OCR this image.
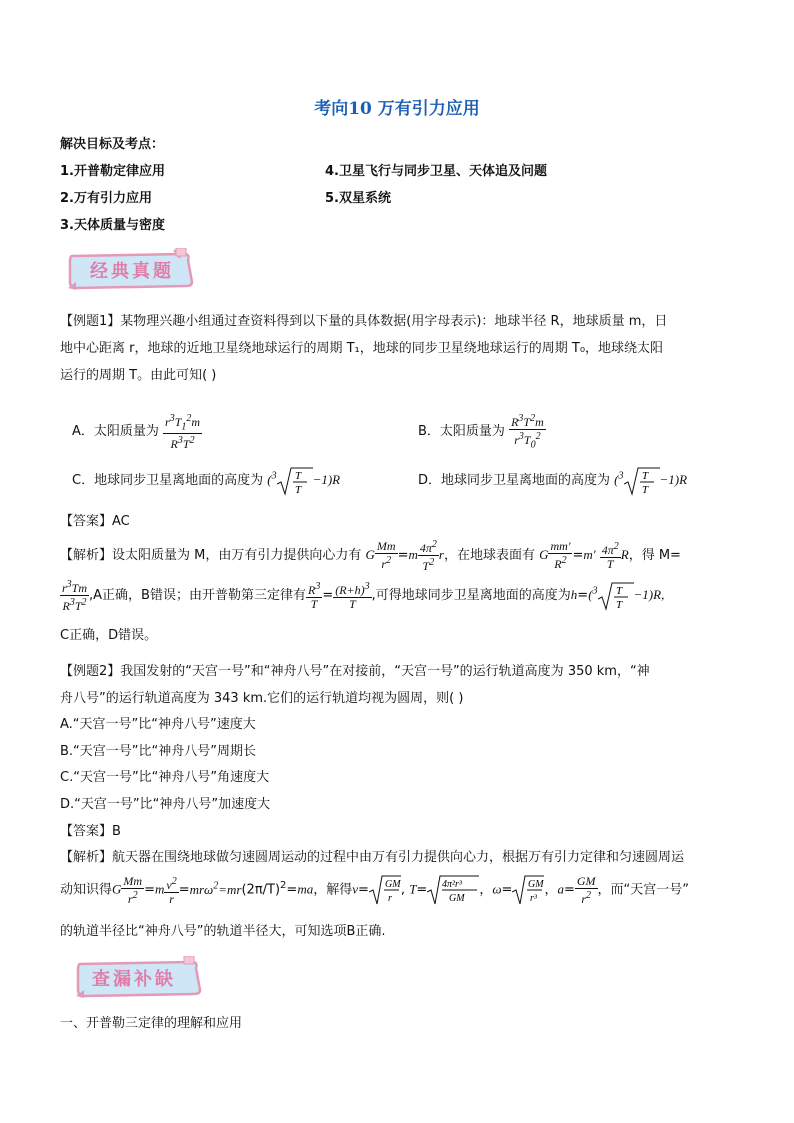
考向10 万有引力应用
解决目标及考点：
1.开普勒定律应用
2.万有引力应用
3.天体质量与密度
4.卫星飞行与同步卫星、天体追及问题
5.双星系统
经典真题
【例题1】某物理兴趣小组通过查资料得到以下量的具体数据(用字母表示)：地球半径 R，地球质量 m，日
地中心距离 r，地球的近地卫星绕地球运行的周期 T₁，地球的同步卫星绕地球运行的周期 T₀，地球绕太阳
运行的周期 T。由此可知( )
A．太阳质量为 $\frac{r^3T_1^2m}{R^3T^2}$	B．太阳质量为 $\frac{R^3T^2m}{r^3T_0^2}$
C．地球同步卫星离地面的高度为 ($^3$ T
T
−1)R	D．地球同步卫星离地面的高度为 ($^3$ T
T
−1)R
【答案】AC
【解析】设太阳质量为 M，由万有引力提供向心力有 G $\frac{Mm}{r^2} =m \frac{4\pi^2}{T^2}$ r，在地球表面有 G $\frac{mm'}{R^2} =m' \frac{4\pi^2}{T}$ R，得 M=
$\frac{r^3Tm}{R^3T^2} ,A$正确，B错误；由开普勒第三定律有 $\frac{R^3}{T} = \frac{(R+h)^3}{T}$ ,可得地球同步卫星离地面的高度为h=($^3$ T
T
−1)R,
C正确，D错误。
【例题2】我国发射的“天宫一号”和“神舟八号”在对接前，“天宫一号”的运行轨道高度为 350 km，“神
舟八号”的运行轨道高度为 343 km.它们的运行轨道均视为圆周，则( )
A.“天宫一号”比“神舟八号”速度大
B.“天宫一号”比“神舟八号”周期长
C.“天宫一号”比“神舟八号”角速度大
D.“天宫一号”比“神舟八号”加速度大
【答案】B
【解析】航天器在围绕地球做匀速圆周运动的过程中由万有引力提供向心力，根据万有引力定律和匀速圆周运
动知识得G $\frac{Mm}{r^2} =m \frac{v^2}{r} =mr\omega^2=mr(2\pi/T)^2=ma$，解得v= GM
r
, T= 4π²r³
GM
，ω= GM
r³
，$a= \frac{GM}{r^2}$ ，而“天宫一号”
的轨道半径比“神舟八号”的轨道半径大，可知选项B正确.
查漏补缺
一、开普勒三定律的理解和应用
